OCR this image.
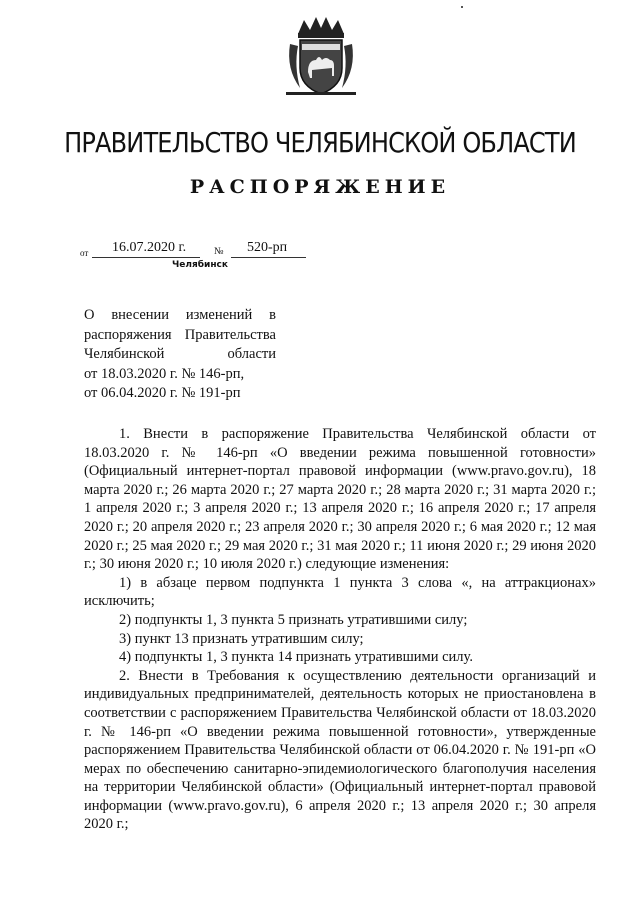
ПРАВИТЕЛЬСТВО ЧЕЛЯБИНСКОЙ ОБЛАСТИ
РАСПОРЯЖЕНИЕ
от 16.07.2020 г.	№ 520-рп
Челябинск
О внесении изменений в
распоряжения Правительства
Челябинской области
от 18.03.2020 г. № 146-рп,
от 06.04.2020 г. № 191-рп
1. Внести в распоряжение Правительства Челябинской области от 18.03.2020 г. № 146-рп «О введении режима повышенной готовности» (Официальный интернет-портал правовой информации (www.pravo.gov.ru), 18 марта 2020 г.; 26 марта 2020 г.; 27 марта 2020 г.; 28 марта 2020 г.; 31 марта 2020 г.; 1 апреля 2020 г.; 3 апреля 2020 г.; 13 апреля 2020 г.; 16 апреля 2020 г.; 17 апреля 2020 г.; 20 апреля 2020 г.; 23 апреля 2020 г.; 30 апреля 2020 г.; 6 мая 2020 г.; 12 мая 2020 г.; 25 мая 2020 г.; 29 мая 2020 г.; 31 мая 2020 г.; 11 июня 2020 г.; 29 июня 2020 г.; 30 июня 2020 г.; 10 июля 2020 г.) следующие изменения:
1) в абзаце первом подпункта 1 пункта 3 слова «, на аттракционах» исключить;
2) подпункты 1, 3 пункта 5 признать утратившими силу;
3) пункт 13 признать утратившим силу;
4) подпункты 1, 3 пункта 14 признать утратившими силу.
2. Внести в Требования к осуществлению деятельности организаций и индивидуальных предпринимателей, деятельность которых не приостановлена в соответствии с распоряжением Правительства Челябинской области от 18.03.2020 г. № 146-рп «О введении режима повышенной готовности», утвержденные распоряжением Правительства Челябинской области от 06.04.2020 г. № 191-рп «О мерах по обеспечению санитарно-эпидемиологического благополучия населения на территории Челябинской области» (Официальный интернет-портал правовой информации (www.pravo.gov.ru), 6 апреля 2020 г.; 13 апреля 2020 г.; 30 апреля 2020 г.;
